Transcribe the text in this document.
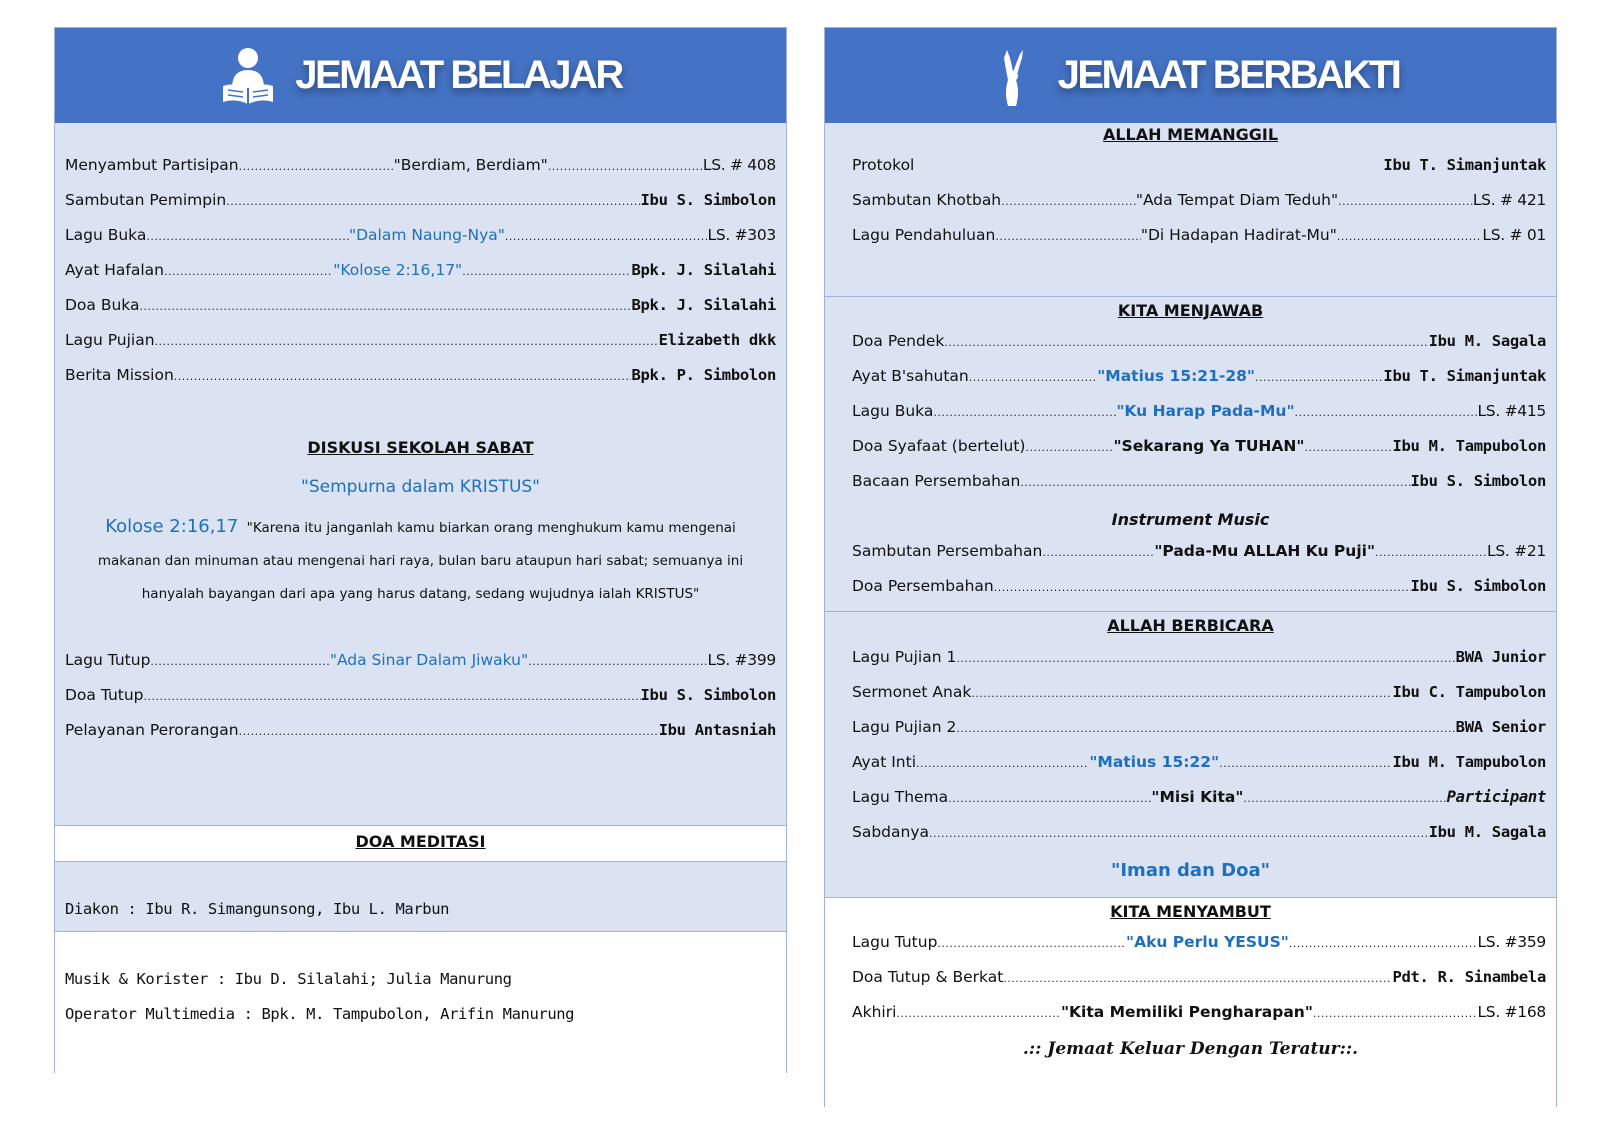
JEMAAT BELAJAR
Menyambut Partisipan .....	"Berdiam, Berdiam" .....	LS. # 408
Sambutan Pemimpin .....	Ibu S. Simbolon
Lagu Buka .....	"Dalam Naung-Nya" .....	LS. #303
Ayat Hafalan .....	"Kolose 2:16,17" .....	Bpk. J. Silalahi
Doa Buka .....	Bpk. J. Silalahi
Lagu Pujian .....	Elizabeth dkk
Berita Mission .....	Bpk. P. Simbolon
DISKUSI SEKOLAH SABAT
"Sempurna dalam KRISTUS"
Kolose 2:16,17 "Karena itu janganlah kamu biarkan orang menghukum kamu mengenai makanan dan minuman atau mengenai hari raya, bulan baru ataupun hari sabat; semuanya ini hanyalah bayangan dari apa yang harus datang, sedang wujudnya ialah KRISTUS"
Lagu Tutup .....	"Ada Sinar Dalam Jiwaku" .....	LS. #399
Doa Tutup .....	Ibu S. Simbolon
Pelayanan Perorangan .....	Ibu Antasniah
DOA MEDITASI
Diakon : Ibu R. Simangunsong, Ibu L. Marbun
Musik & Korister : Ibu D. Silalahi; Julia Manurung
Operator Multimedia : Bpk. M. Tampubolon, Arifin Manurung
JEMAAT BERBAKTI
ALLAH MEMANGGIL
KITA MENJAWAB
ALLAH BERBICARA
KITA MENYAMBUT
Protokol	Ibu T. Simanjuntak
Sambutan Khotbah .....	"Ada Tempat Diam Teduh" .....	LS. # 421
Lagu Pendahuluan .....	"Di Hadapan Hadirat-Mu" .....	LS. # 01
Doa Pendek .....	Ibu M. Sagala
Ayat B'sahutan .....	"Matius 15:21-28" .....	Ibu T. Simanjuntak
Lagu Buka .....	"Ku Harap Pada-Mu" .....	LS. #415
Doa Syafaat (bertelut) .....	"Sekarang Ya TUHAN" .....	Ibu M. Tampubolon
Bacaan Persembahan .....	Ibu S. Simbolon
Sambutan Persembahan .....	"Pada-Mu ALLAH Ku Puji" .....	LS. #21
Doa Persembahan .....	Ibu S. Simbolon
Lagu Pujian 1 .....	BWA Junior
Sermonet Anak .....	Ibu C. Tampubolon
Lagu Pujian 2 .....	BWA Senior
Ayat Inti .....	"Matius 15:22" .....	Ibu M. Tampubolon
Lagu Thema .....	"Misi Kita" .....	Participant
Sabdanya .....	Ibu M. Sagala
Lagu Tutup .....	"Aku Perlu YESUS" .....	LS. #359
Doa Tutup & Berkat .....	Pdt. R. Sinambela
Akhiri .....	"Kita Memiliki Pengharapan" .....	LS. #168
Instrument Music
"Iman dan Doa"
.:: Jemaat Keluar Dengan Teratur::.
